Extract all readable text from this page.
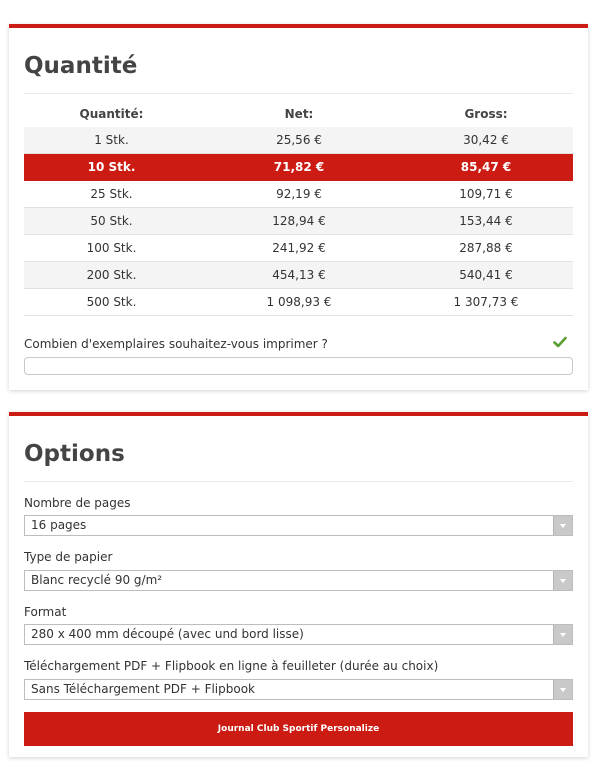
Quantité
Quantité:	Net:	Gross:
1 Stk.	25,56 €	30,42 €
10 Stk.	71,82 €	85,47 €
25 Stk.	92,19 €	109,71 €
50 Stk.	128,94 €	153,44 €
100 Stk.	241,92 €	287,88 €
200 Stk.	454,13 €	540,41 €
500 Stk.	1 098,93 €	1 307,73 €
Combien d'exemplaires souhaitez-vous imprimer ?
Options
Nombre de pages
16 pages
Type de papier
Blanc recyclé 90 g/m²
Format
280 x 400 mm découpé (avec und bord lisse)
Téléchargement PDF + Flipbook en ligne à feuilleter (durée au choix)
Sans Téléchargement PDF + Flipbook
Journal Club Sportif Personalize
